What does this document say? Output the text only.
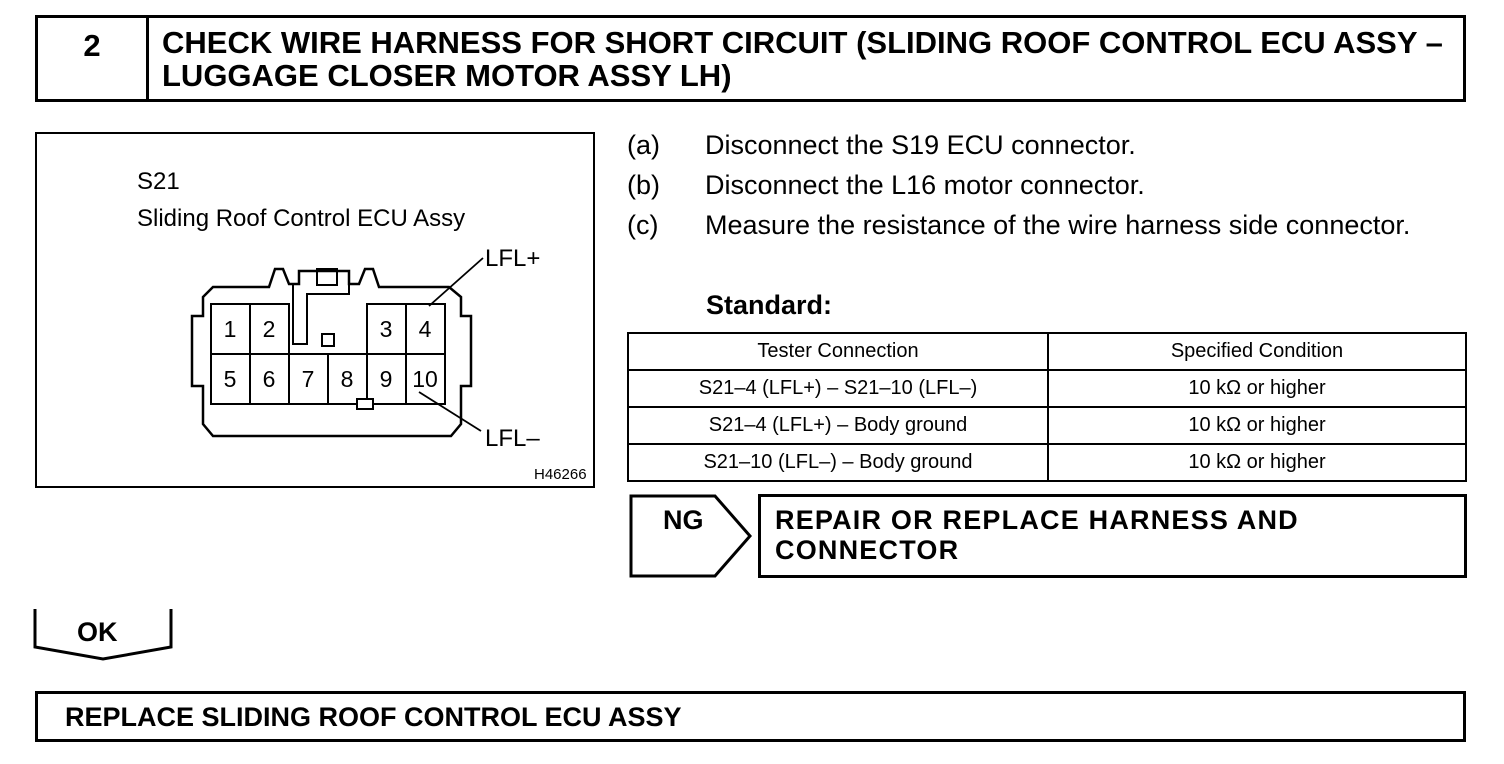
2	CHECK WIRE HARNESS FOR SHORT CIRCUIT (SLIDING ROOF CONTROL ECU ASSY – LUGGAGE CLOSER MOTOR ASSY LH)
S21
Sliding Roof Control ECU Assy
LFL+
LFL–
H46266
1 2	3 4
5 6 7 8 9 10
(a) Disconnect the S19 ECU connector.
(b) Disconnect the L16 motor connector.
(c) Measure the resistance of the wire harness side connector.
Standard:
Tester Connection	Specified Condition
S21–4 (LFL+) – S21–10 (LFL–)	10 kΩ or higher
S21–4 (LFL+) – Body ground	10 kΩ or higher
S21–10 (LFL–) – Body ground	10 kΩ or higher
NG	REPAIR OR REPLACE HARNESS AND CONNECTOR
OK
REPLACE SLIDING ROOF CONTROL ECU ASSY
